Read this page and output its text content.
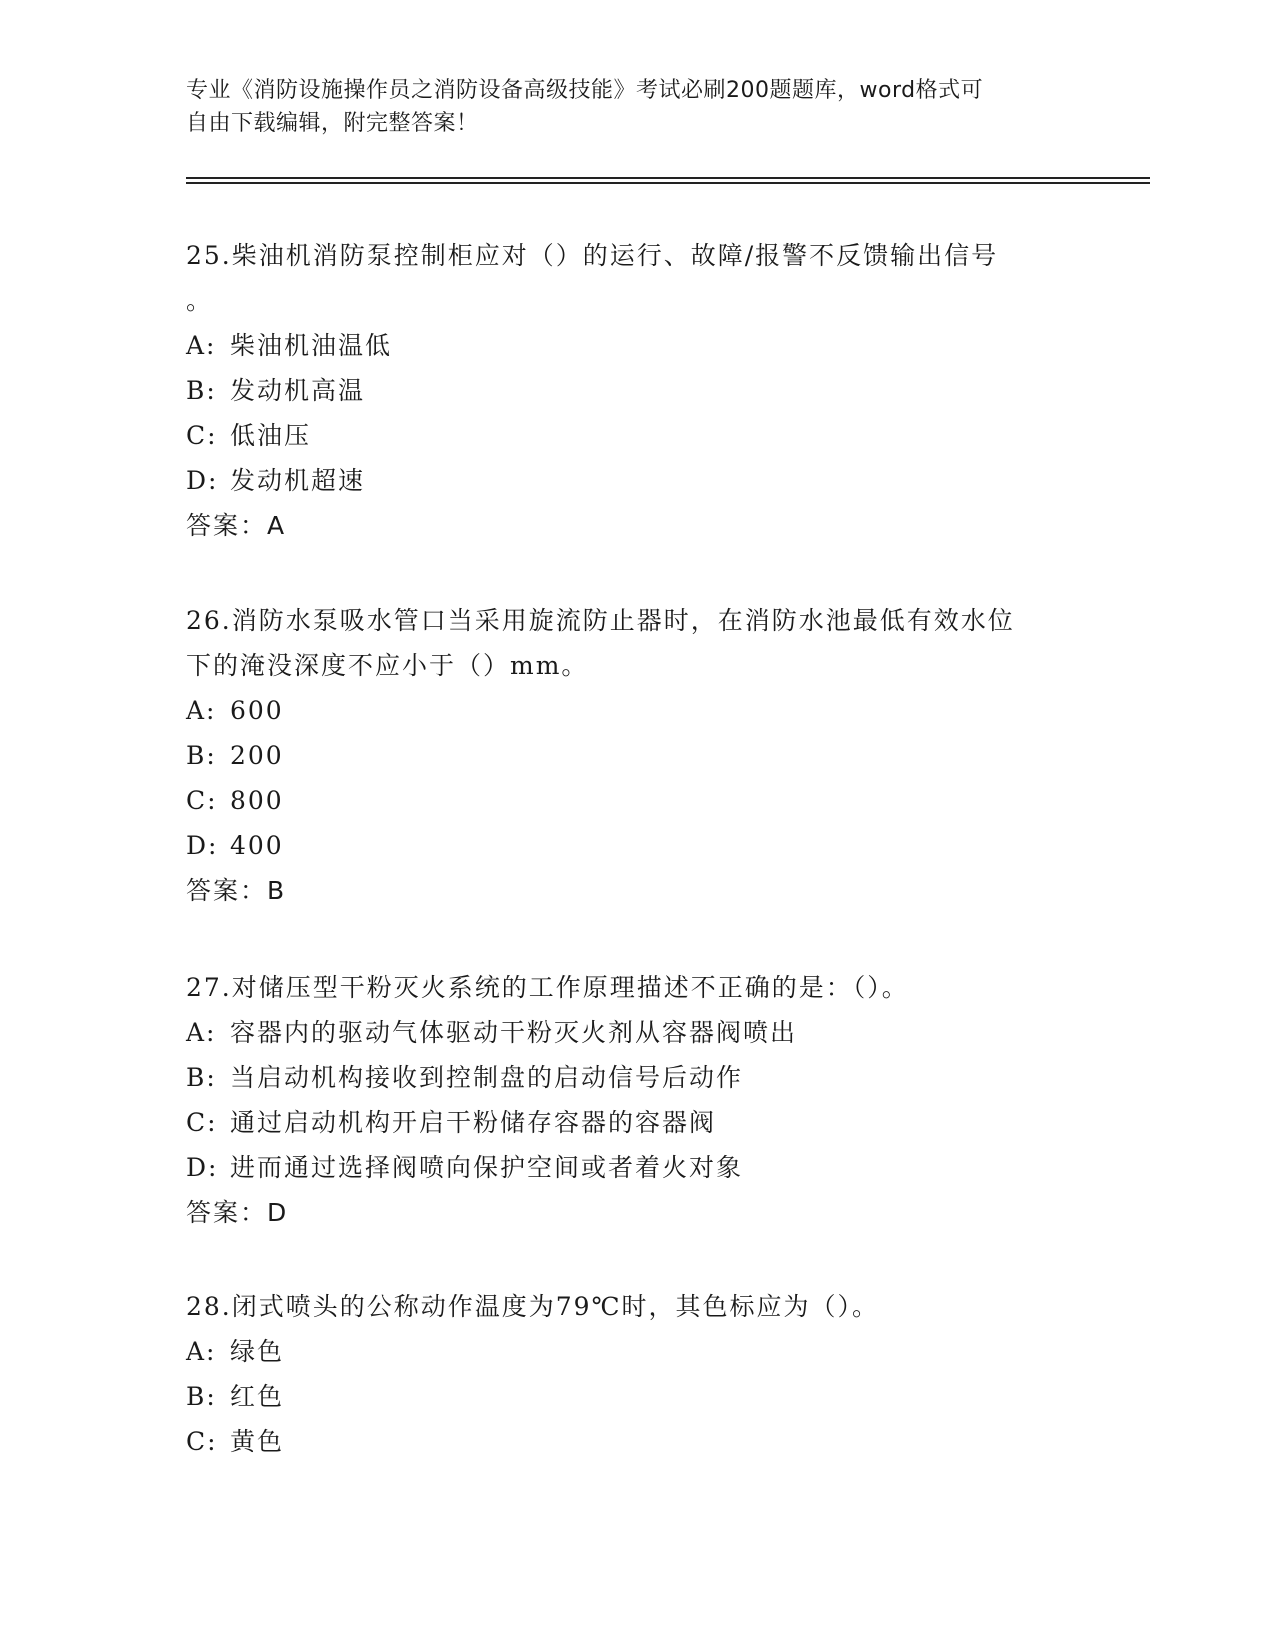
专业《消防设施操作员之消防设备高级技能》考试必刷200题题库，word格式可
自由下载编辑，附完整答案！

25.柴油机消防泵控制柜应对（）的运行、故障/报警不反馈输出信号

。

A: 柴油机油温低

B: 发动机高温

C: 低油压

D: 发动机超速

答案：A

26.消防水泵吸水管口当采用旋流防止器时，在消防水池最低有效水位

下的淹没深度不应小于（）mm。

A: 600

B: 200

C: 800

D: 400

答案：B

27.对储压型干粉灭火系统的工作原理描述不正确的是：（）。

A: 容器内的驱动气体驱动干粉灭火剂从容器阀喷出

B: 当启动机构接收到控制盘的启动信号后动作

C: 通过启动机构开启干粉储存容器的容器阀

D: 进而通过选择阀喷向保护空间或者着火对象

答案：D

28.闭式喷头的公称动作温度为79℃时，其色标应为（）。

A: 绿色

B: 红色

C: 黄色
